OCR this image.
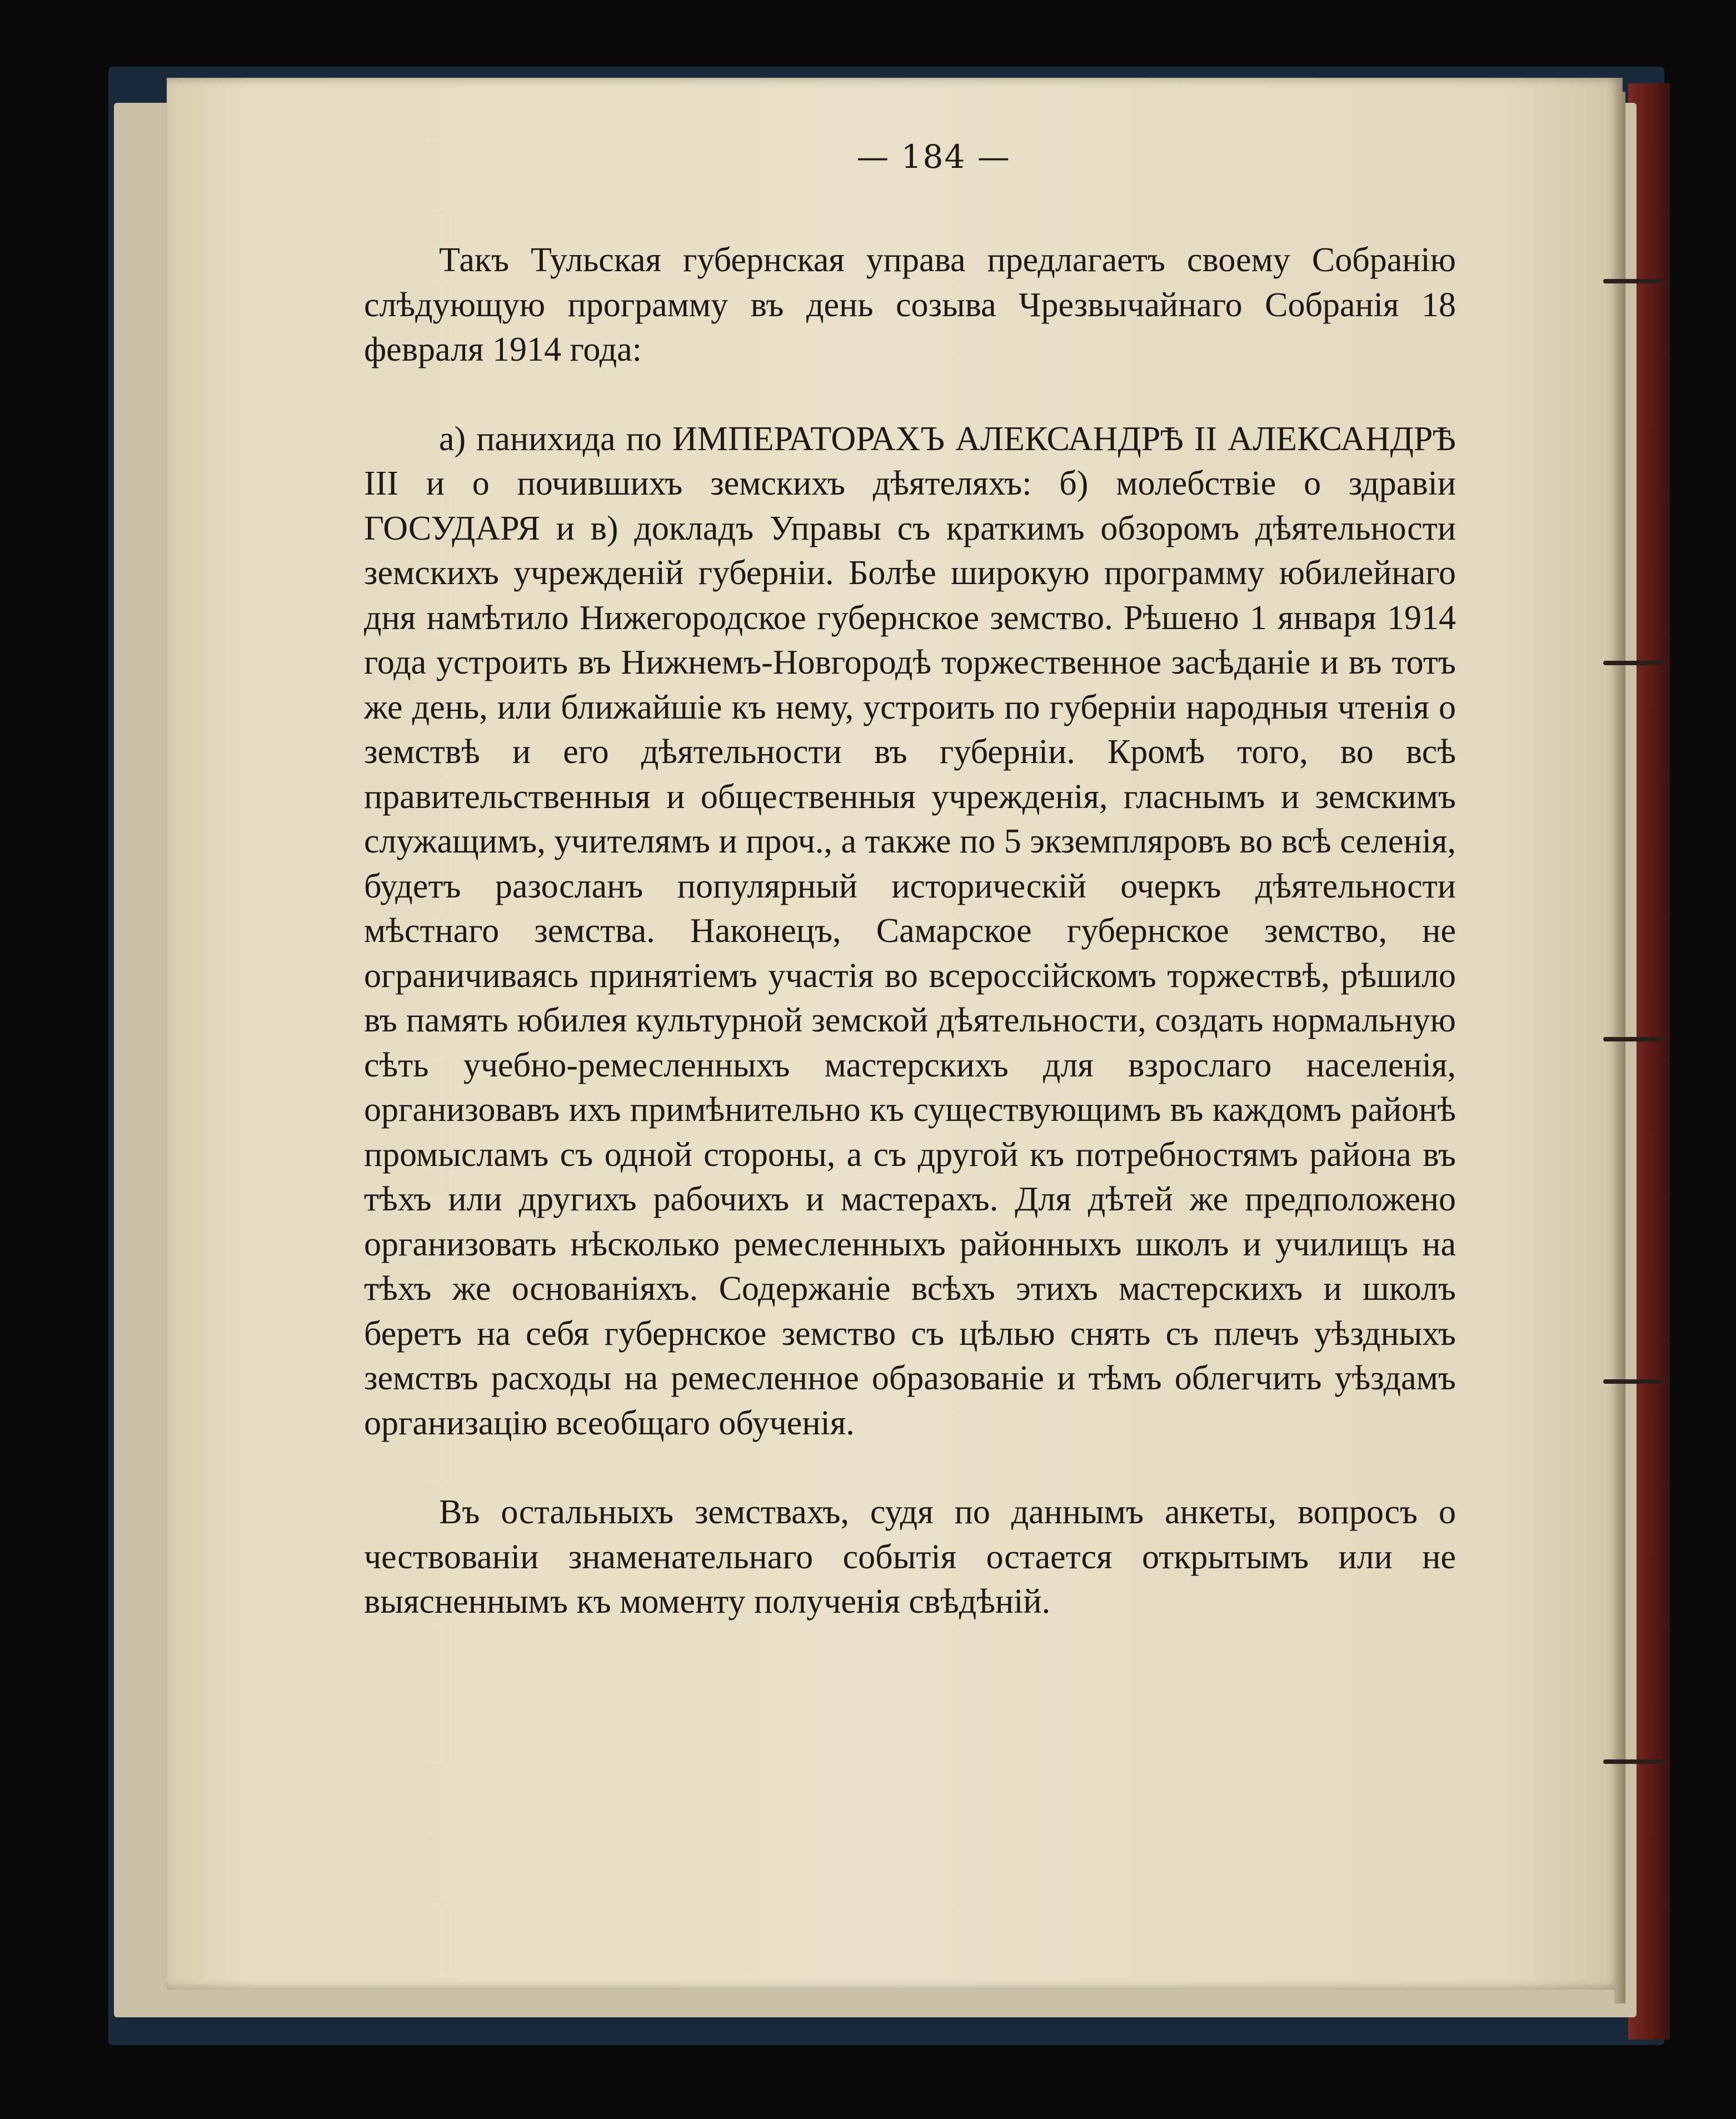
— 184 —

Такъ Тульская губернская управа предлагаетъ своему Собранію слѣдующую программу въ день созыва Чрезвычайнаго Собранія 18 февраля 1914 года:

а) панихида по ИМПЕРАТОРАХЪ АЛЕКСАНДРѢ II АЛЕКСАНДРѢ III и о почившихъ земскихъ дѣятеляхъ: б) молебствіе о здравіи ГОСУДАРЯ и в) докладъ Управы съ краткимъ обзоромъ дѣятельности земскихъ учрежденій губерніи. Болѣе широкую программу юбилейнаго дня намѣтило Нижегородское губернское земство. Рѣшено 1 января 1914 года устроить въ Нижнемъ-Новгородѣ торжественное засѣданіе и въ тотъ же день, или ближайшіе къ нему, устроить по губерніи народныя чтенія о земствѣ и его дѣятельности въ губерніи. Кромѣ того, во всѣ правительственныя и общественныя учрежденія, гласнымъ и земскимъ служащимъ, учителямъ и проч., а также по 5 экземпляровъ во всѣ селенія, будетъ разосланъ популярный историческій очеркъ дѣятельности мѣстнаго земства. Наконецъ, Самарское губернское земство, не ограничиваясь принятіемъ участія во всероссійскомъ торжествѣ, рѣшило въ память юбилея культурной земской дѣятельности, создать нормальную сѣть учебно-ремесленныхъ мастерскихъ для взрослаго населенія, организовавъ ихъ примѣнительно къ существующимъ въ каждомъ районѣ промысламъ съ одной стороны, а съ другой къ потребностямъ района въ тѣхъ или другихъ рабочихъ и мастерахъ. Для дѣтей же предположено организовать нѣсколько ремесленныхъ районныхъ школъ и училищъ на тѣхъ же основаніяхъ. Содержаніе всѣхъ этихъ мастерскихъ и школъ беретъ на себя губернское земство съ цѣлью снять съ плечъ уѣздныхъ земствъ расходы на ремесленное образованіе и тѣмъ облегчить уѣздамъ организацію всеобщаго обученія.

Въ остальныхъ земствахъ, судя по даннымъ анкеты, вопросъ о чествованіи знаменательнаго событія остается открытымъ или не выясненнымъ къ моменту полученія свѣдѣній.
